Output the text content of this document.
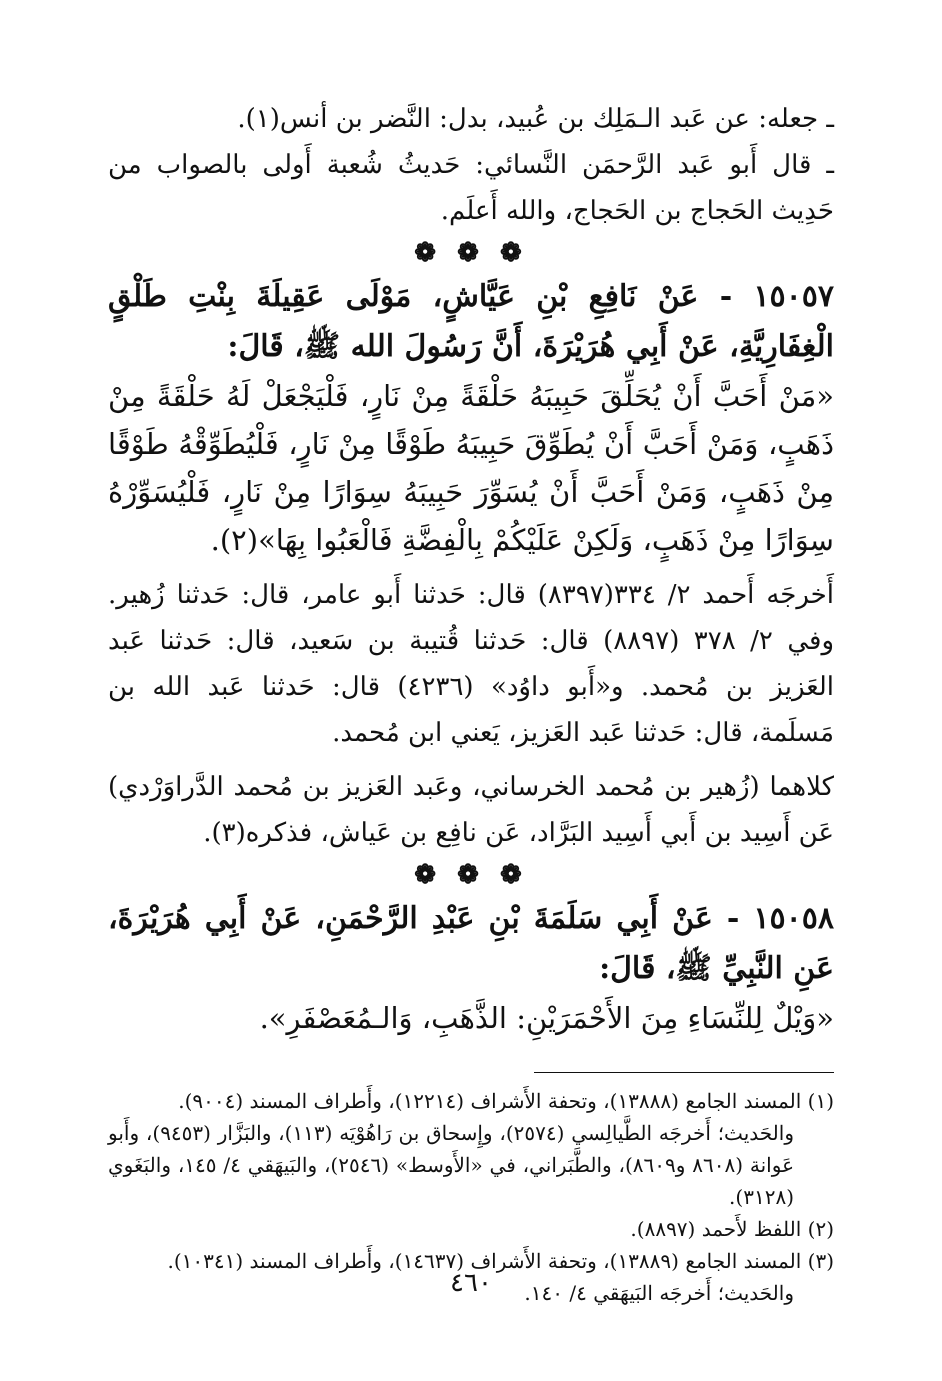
ـ جعله: عن عَبد الـمَلِك بن عُبيد، بدل: النَّضر بن أنس(١).

ـ قال أَبو عَبد الرَّحمَن النَّسائي: حَديثُ شُعبة أَولى بالصواب من حَدِيث الحَجاج بن الحَجاج، والله أَعلَم.

❁ ❁ ❁

١٥٠٥٧ - عَنْ نَافِعِ بْنِ عَيَّاشٍ، مَوْلَى عَقِيلَةَ بِنْتِ طَلْقٍ الْغِفَارِيَّةِ، عَنْ أَبِي هُرَيْرَةَ، أَنَّ رَسُولَ الله ﷺ، قَالَ:

«مَنْ أَحَبَّ أَنْ يُحَلِّقَ حَبِيبَهُ حَلْقَةً مِنْ نَارٍ، فَلْيَجْعَلْ لَهُ حَلْقَةً مِنْ ذَهَبٍ، وَمَنْ أَحَبَّ أَنْ يُطَوِّقَ حَبِيبَهُ طَوْقًا مِنْ نَارٍ، فَلْيُطَوِّقْهُ طَوْقًا مِنْ ذَهَبٍ، وَمَنْ أَحَبَّ أَنْ يُسَوِّرَ حَبِيبَهُ سِوَارًا مِنْ نَارٍ، فَلْيُسَوِّرْهُ سِوَارًا مِنْ ذَهَبٍ، وَلَكِنْ عَلَيْكُمْ بِالْفِضَّةِ فَالْعَبُوا بِهَا»(٢).

أَخرجَه أَحمد ٢/ ٣٣٤(٨٣٩٧) قال: حَدثنا أَبو عامر، قال: حَدثنا زُهير. وفي ٢/ ٣٧٨ (٨٨٩٧) قال: حَدثنا قُتيبة بن سَعيد، قال: حَدثنا عَبد العَزيز بن مُحمد. و«أَبو داوُد» (٤٢٣٦) قال: حَدثنا عَبد الله بن مَسلَمة، قال: حَدثنا عَبد العَزيز، يَعني ابن مُحمد.

كلاهما (زُهير بن مُحمد الخرساني، وعَبد العَزيز بن مُحمد الدَّراوَرْدي) عَن أَسِيد بن أَبي أَسِيد البَرَّاد، عَن نافِع بن عَياش، فذكره(٣).

❁ ❁ ❁

١٥٠٥٨ - عَنْ أَبِي سَلَمَةَ بْنِ عَبْدِ الرَّحْمَنِ، عَنْ أَبِي هُرَيْرَةَ، عَنِ النَّبِيِّ ﷺ، قَالَ:

«وَيْلٌ لِلنِّسَاءِ مِنَ الأَحْمَرَيْنِ: الذَّهَبِ، وَالـمُعَصْفَرِ».

(١) المسند الجامع (١٣٨٨٨)، وتحفة الأَشراف (١٢٢١٤)، وأَطراف المسند (٩٠٠٤).

والحَديث؛ أَخرجَه الطَّيالِسي (٢٥٧٤)، وإِسحاق بن رَاهُوْيَه (١١٣)، والبَزَّار (٩٤٥٣)، وأَبو عَوانة (٨٦٠٨ و٨٦٠٩)، والطَّبَراني، في «الأَوسط» (٢٥٤٦)، والبَيهَقي ٤/ ١٤٥، والبَغَوي (٣١٢٨).

(٢) اللفظ لأَحمد (٨٨٩٧).

(٣) المسند الجامع (١٣٨٨٩)، وتحفة الأَشراف (١٤٦٣٧)، وأَطراف المسند (١٠٣٤١).

والحَديث؛ أَخرجَه البَيهَقي ٤/ ١٤٠.

٤٦٠
